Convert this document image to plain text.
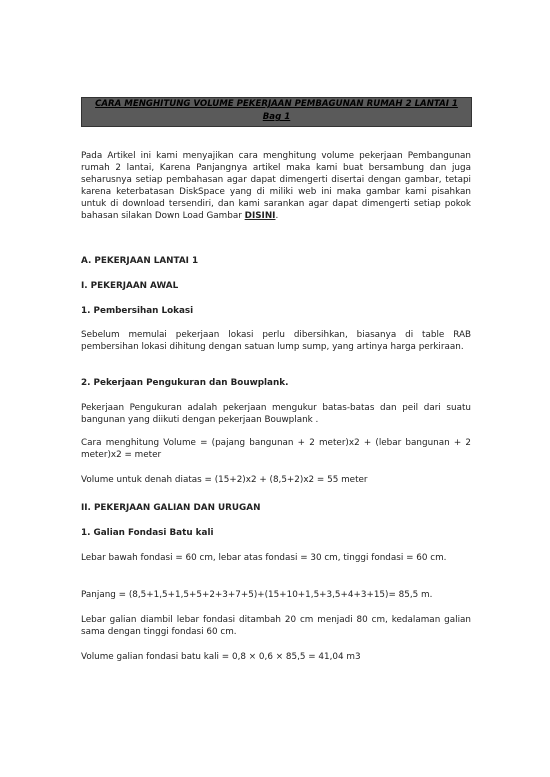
CARA MENGHITUNG VOLUME PEKERJAAN PEMBAGUNAN RUMAH 2 LANTAI 1
Bag 1

Pada Artikel ini kami menyajikan cara menghitung volume pekerjaan Pembangunan rumah 2 lantai, Karena Panjangnya artikel maka kami buat bersambung dan juga seharusnya setiap pembahasan agar dapat dimengerti disertai dengan gambar, tetapi karena keterbatasan DiskSpace yang di miliki web ini maka gambar kami pisahkan untuk di download tersendiri, dan kami sarankan agar dapat dimengerti setiap pokok bahasan silakan Down Load Gambar DISINI.

A. PEKERJAAN LANTAI 1

I. PEKERJAAN AWAL

1. Pembersihan Lokasi

Sebelum memulai pekerjaan lokasi perlu dibersihkan, biasanya di table RAB pembersihan lokasi dihitung dengan satuan lump sump, yang artinya harga perkiraan.

2. Pekerjaan Pengukuran dan Bouwplank.

Pekerjaan Pengukuran adalah pekerjaan mengukur batas-batas dan peil dari suatu bangunan yang diikuti dengan pekerjaan Bouwplank .

Cara menghitung Volume = (pajang bangunan + 2 meter)x2 + (lebar bangunan + 2 meter)x2 = meter

Volume untuk denah diatas = (15+2)x2 + (8,5+2)x2 = 55 meter

II. PEKERJAAN GALIAN DAN URUGAN

1. Galian Fondasi Batu kali

Lebar bawah fondasi = 60 cm, lebar atas fondasi = 30 cm, tinggi fondasi = 60 cm.

Panjang = (8,5+1,5+1,5+5+2+3+7+5)+(15+10+1,5+3,5+4+3+15)= 85,5 m.

Lebar galian diambil lebar fondasi ditambah 20 cm menjadi 80 cm, kedalaman galian sama dengan tinggi fondasi 60 cm.

Volume galian fondasi batu kali = 0,8 × 0,6 × 85,5 = 41,04 m3
